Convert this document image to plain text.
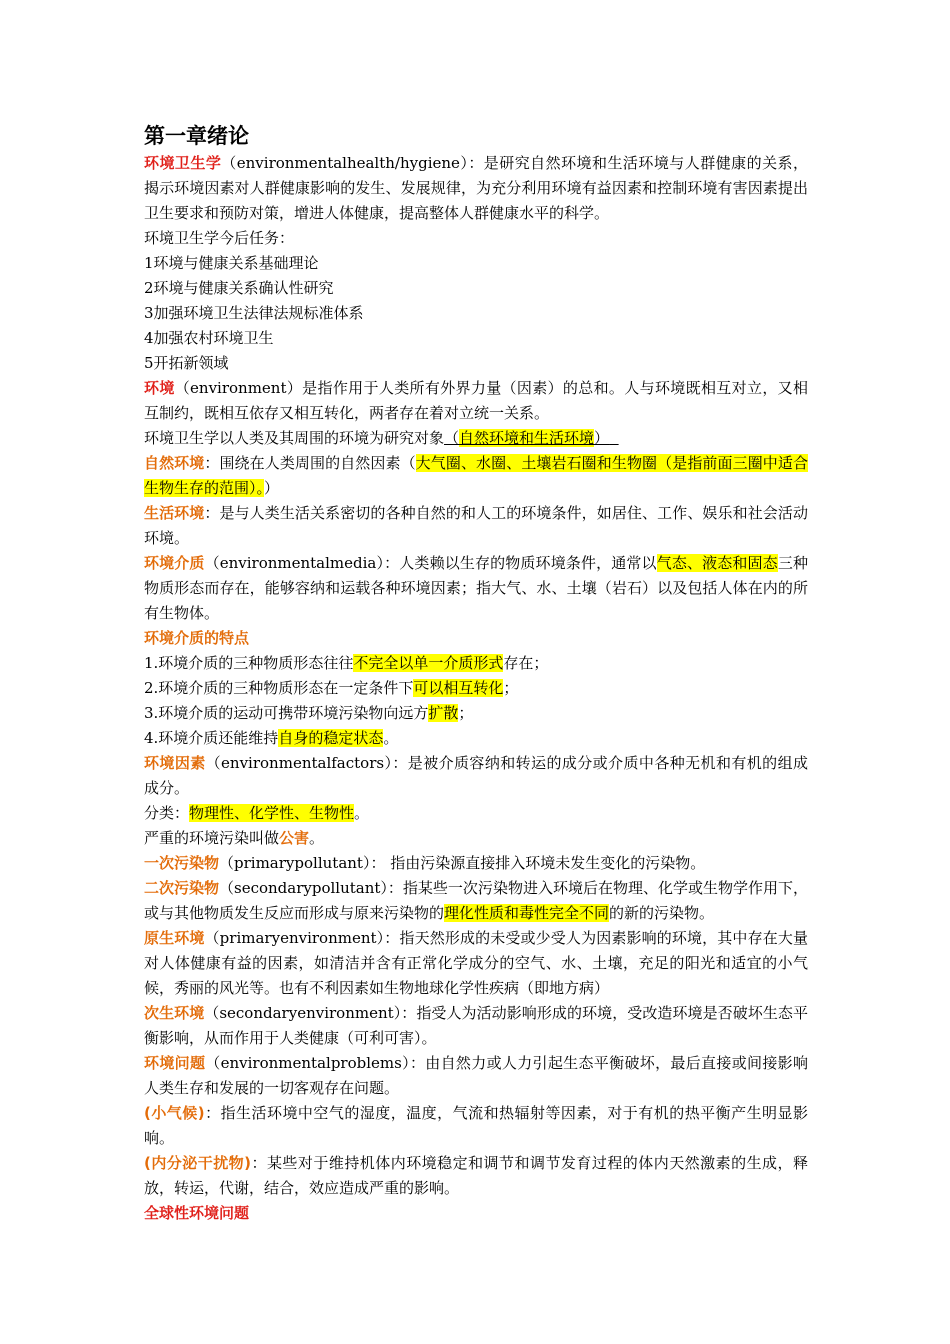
第一章绪论

环境卫生学（environmentalhealth/hygiene）：是研究自然环境和生活环境与人群健康的关系，揭示环境因素对人群健康影响的发生、发展规律，为充分利用环境有益因素和控制环境有害因素提出卫生要求和预防对策，增进人体健康，提高整体人群健康水平的科学。

环境卫生学今后任务：

1环境与健康关系基础理论

2环境与健康关系确认性研究

3加强环境卫生法律法规标准体系

4加强农村环境卫生

5开拓新领域

环境（environment）是指作用于人类所有外界力量（因素）的总和。人与环境既相互对立，又相互制约，既相互依存又相互转化，两者存在着对立统一关系。

环境卫生学以人类及其周围的环境为研究对象（自然环境和生活环境）

自然环境：围绕在人类周围的自然因素（大气圈、水圈、土壤岩石圈和生物圈（是指前面三圈中适合生物生存的范围）。）

生活环境：是与人类生活关系密切的各种自然的和人工的环境条件，如居住、工作、娱乐和社会活动环境。

环境介质（environmentalmedia）：人类赖以生存的物质环境条件，通常以气态、液态和固态三种物质形态而存在，能够容纳和运载各种环境因素；指大气、水、土壤（岩石）以及包括人体在内的所有生物体。

环境介质的特点

1.环境介质的三种物质形态往往不完全以单一介质形式存在；

2.环境介质的三种物质形态在一定条件下可以相互转化；

3.环境介质的运动可携带环境污染物向远方扩散；

4.环境介质还能维持自身的稳定状态。

环境因素（environmentalfactors）：是被介质容纳和转运的成分或介质中各种无机和有机的组成成分。

分类：物理性、化学性、生物性。

严重的环境污染叫做公害。

一次污染物（primarypollutant）： 指由污染源直接排入环境未发生变化的污染物。

二次污染物（secondarypollutant）：指某些一次污染物进入环境后在物理、化学或生物学作用下，或与其他物质发生反应而形成与原来污染物的理化性质和毒性完全不同的新的污染物。

原生环境（primaryenvironment）：指天然形成的未受或少受人为因素影响的环境，其中存在大量对人体健康有益的因素，如清洁并含有正常化学成分的空气、水、土壤，充足的阳光和适宜的小气候，秀丽的风光等。也有不利因素如生物地球化学性疾病（即地方病）

次生环境（secondaryenvironment）：指受人为活动影响形成的环境，受改造环境是否破坏生态平衡影响，从而作用于人类健康（可利可害）。

环境问题（environmentalproblems）：由自然力或人力引起生态平衡破坏，最后直接或间接影响人类生存和发展的一切客观存在问题。

(小气候)：指生活环境中空气的湿度，温度，气流和热辐射等因素，对于有机的热平衡产生明显影响。

(内分泌干扰物)：某些对于维持机体内环境稳定和调节和调节发育过程的体内天然激素的生成，释放，转运，代谢，结合，效应造成严重的影响。

全球性环境问题
